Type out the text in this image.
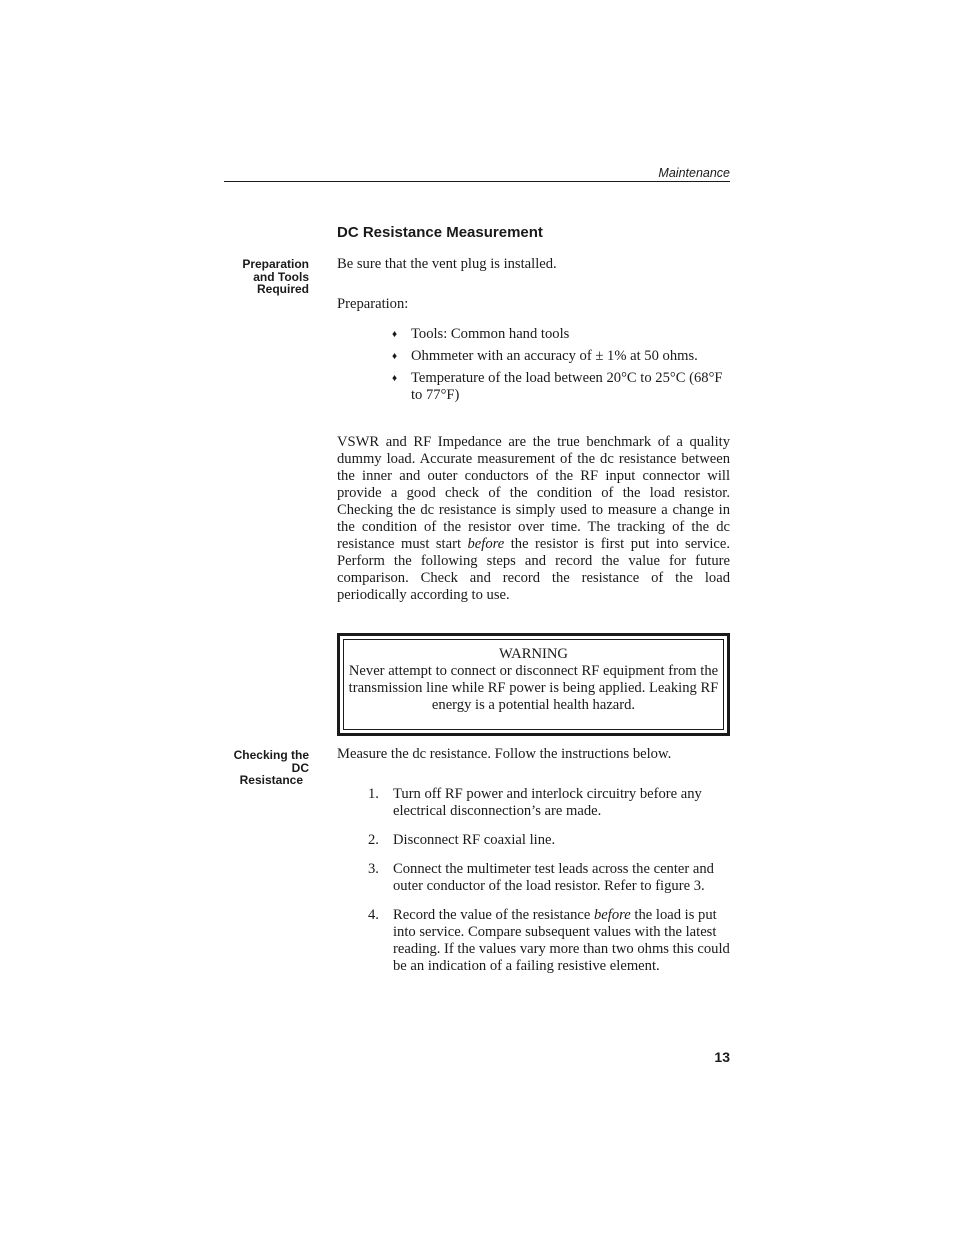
Maintenance
DC Resistance Measurement
Preparation
and Tools
Required

Be sure that the vent plug is installed.

Preparation:

♦ Tools: Common hand tools
♦ Ohmmeter with an accuracy of ± 1% at 50 ohms.
♦ Temperature of the load between 20°C to 25°C (68°F to 77°F)

VSWR and RF Impedance are the true benchmark of a quality dummy load. Accurate measurement of the dc resistance between the inner and outer conductors of the RF input connector will provide a good check of the condition of the load resistor. Checking the dc resistance is simply used to measure a change in the condition of the resistor over time. The tracking of the dc resistance must start before the resistor is first put into service. Perform the following steps and record the value for future comparison. Check and record the resistance of the load periodically according to use.

WARNING
Never attempt to connect or disconnect RF equipment from the transmission line while RF power is being applied. Leaking RF energy is a potential health hazard.
Checking the
DC
Resistance

Measure the dc resistance. Follow the instructions below.

1. Turn off RF power and interlock circuitry before any electrical disconnection’s are made.
2. Disconnect RF coaxial line.
3. Connect the multimeter test leads across the center and outer conductor of the load resistor. Refer to figure 3.
4. Record the value of the resistance before the load is put into service. Compare subsequent values with the latest reading. If the values vary more than two ohms this could be an indication of a failing resistive element.
13
